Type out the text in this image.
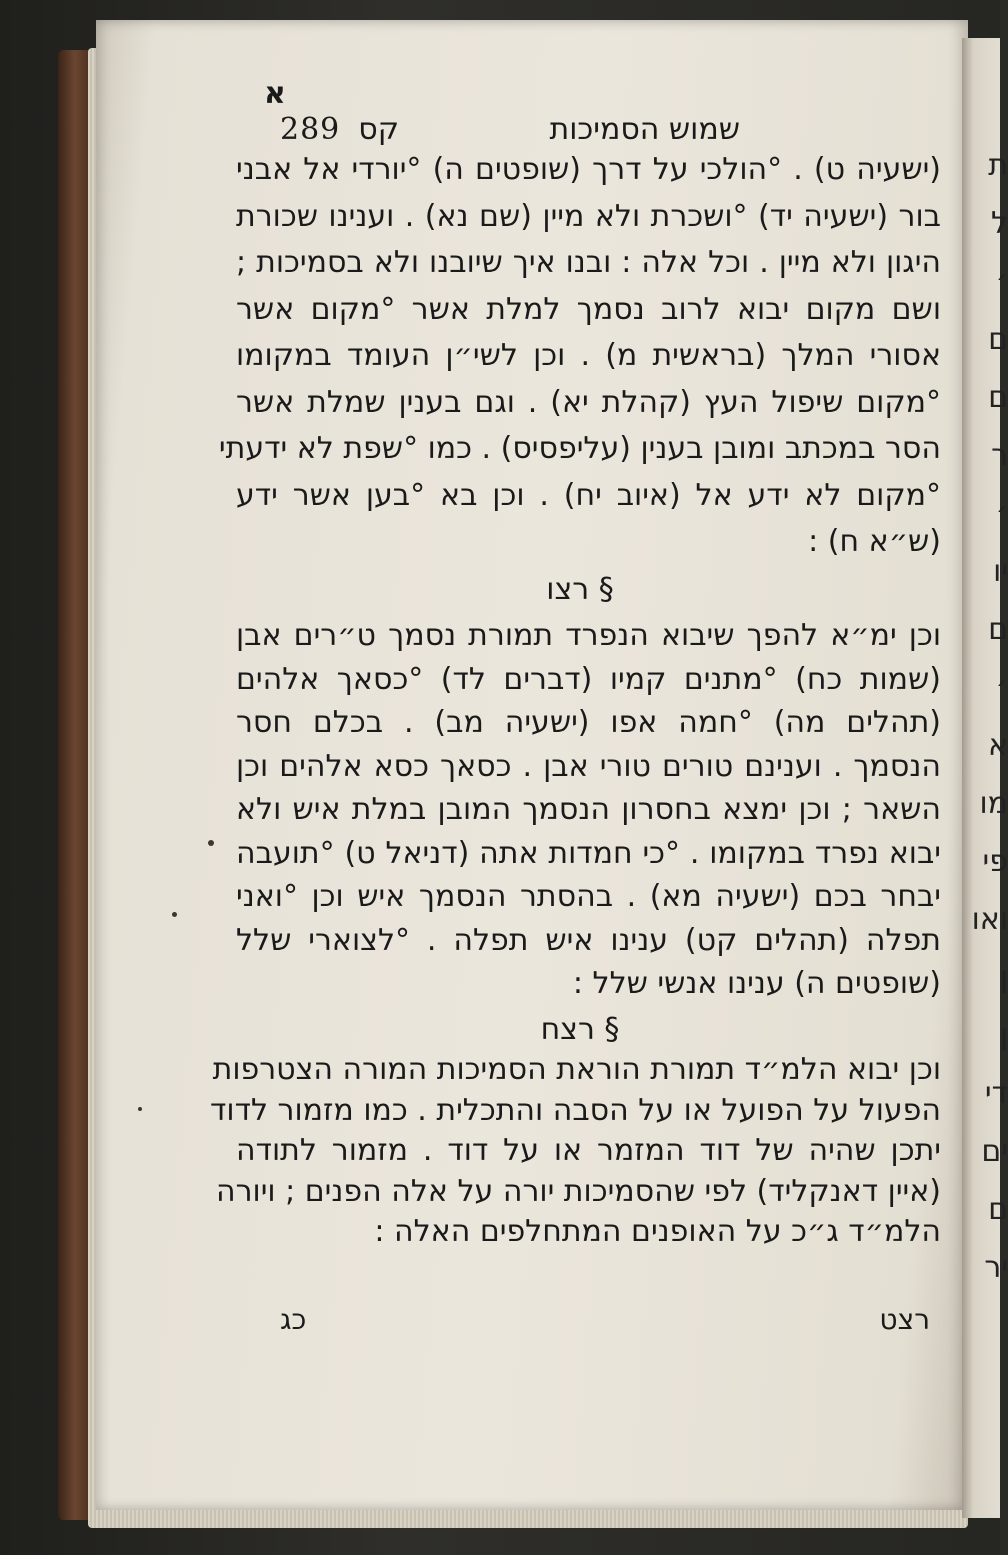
ת
ל
׳
ם
ם
ר
׳
יו
ם
׳
א
מו
פי
ואו
ן
ן
די
ים
ם
יר
א
שמוש הסמיכות
289 קס
(ישעיה ט) . °הולכי על דרך (שופטים ה) °יורדי אל אבני
בור (ישעיה יד) °ושכרת ולא מיין (שם נא) . וענינו שכורת
היגון ולא מיין . וכל אלה : ובנו איך שיובנו ולא בסמיכות ;
ושם מקום יבוא לרוב נסמך למלת אשר °מקום אשר
אסורי המלך (בראשית מ) . וכן לשי״ן העומד במקומו
°מקום שיפול העץ (קהלת יא) . וגם בענין שמלת אשר
הסר במכתב ומובן בענין (עליפסיס) . כמו °שפת לא ידעתי
°מקום לא ידע אל (איוב יח) . וכן בא °בען אשר ידע
(ש״א ח) :
§ רצו
וכן ימ״א להפך שיבוא הנפרד תמורת נסמך ט״רים אבן
(שמות כח) °מתנים קמיו (דברים לד) °כסאך אלהים
(תהלים מה) °חמה אפו (ישעיה מב) . בכלם חסר
הנסמך . וענינם טורים טורי אבן . כסאך כסא אלהים וכן
השאר ; וכן ימצא בחסרון הנסמך המובן במלת איש ולא
יבוא נפרד במקומו . °כי חמדות אתה (דניאל ט) °תועבה
יבחר בכם (ישעיה מא) . בהסתר הנסמך איש וכן °ואני
תפלה (תהלים קט) ענינו איש תפלה . °לצוארי שלל
(שופטים ה) ענינו אנשי שלל :
§ רצח
וכן יבוא הלמ״ד תמורת הוראת הסמיכות המורה הצטרפות
הפעול על הפועל או על הסבה והתכלית . כמו מזמור לדוד
יתכן שהיה של דוד המזמר או על דוד . מזמור לתודה
(איין דאנקליד) לפי שהסמיכות יורה על אלה הפנים ; ויורה
הלמ״ד ג״כ על האופנים המתחלפים האלה :
רצט
כג
